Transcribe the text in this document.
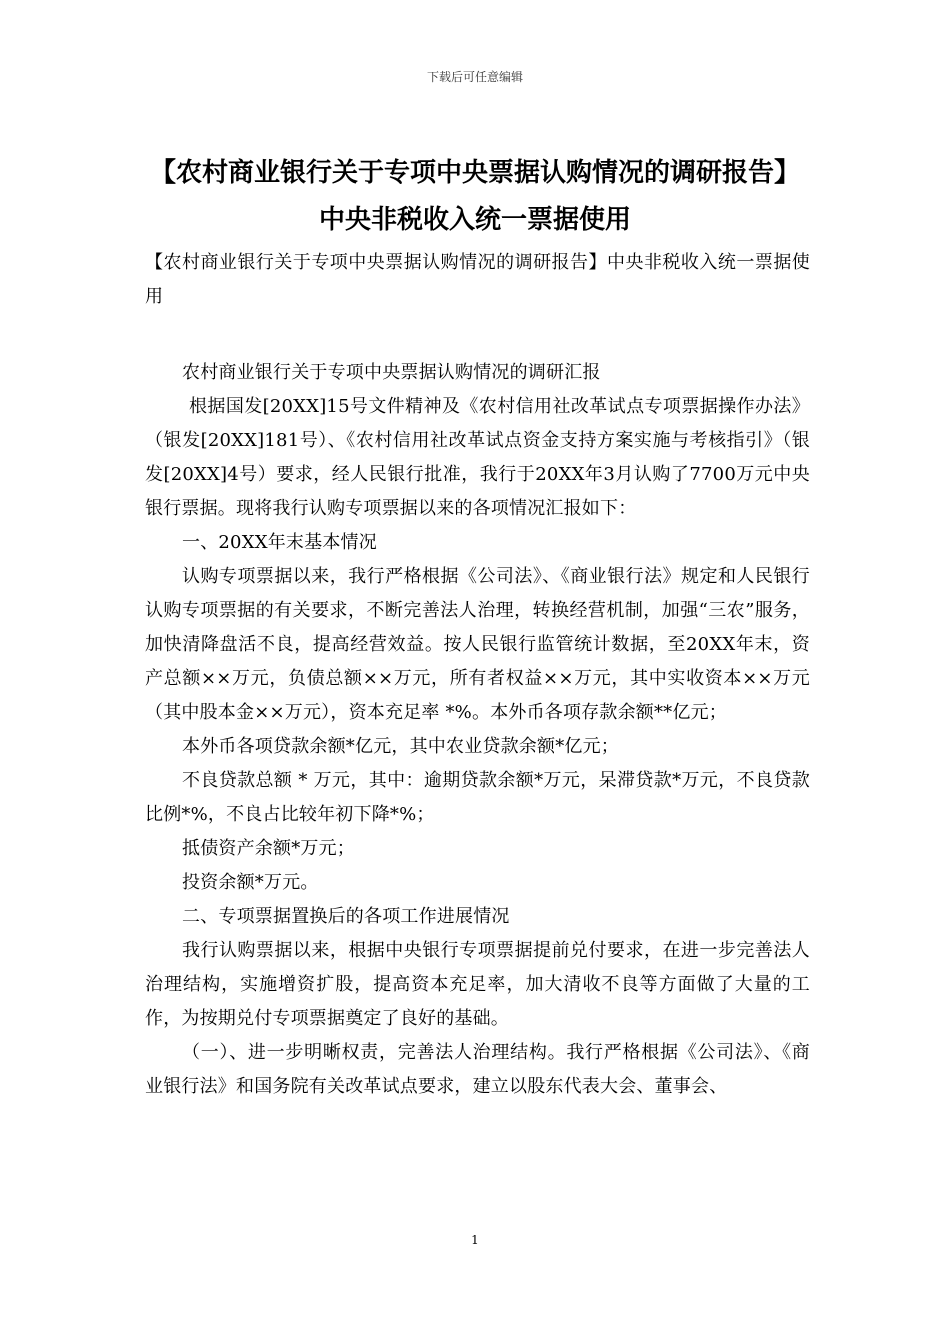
下载后可任意编辑
【农村商业银行关于专项中央票据认购情况的调研报告】
中央非税收入统一票据使用

【农村商业银行关于专项中央票据认购情况的调研报告】中央非税收入统一票据使用

农村商业银行关于专项中央票据认购情况的调研汇报

根据国发[20XX]15号文件精神及《农村信用社改革试点专项票据操作办法》（银发[20XX]181号）、《农村信用社改革试点资金支持方案实施与考核指引》（银发[20XX]4号）要求，经人民银行批准，我行于20XX年3月认购了7700万元中央银行票据。现将我行认购专项票据以来的各项情况汇报如下：

一、20XX年末基本情况

认购专项票据以来，我行严格根据《公司法》、《商业银行法》规定和人民银行认购专项票据的有关要求，不断完善法人治理，转换经营机制，加强“三农”服务，加快清降盘活不良，提高经营效益。按人民银行监管统计数据，至20XX年末，资产总额××万元，负债总额××万元，所有者权益××万元，其中实收资本××万元（其中股本金××万元），资本充足率 *%。本外币各项存款余额**亿元；

本外币各项贷款余额*亿元，其中农业贷款余额*亿元；

不良贷款总额 * 万元，其中：逾期贷款余额*万元，呆滞贷款*万元，不良贷款比例*%，不良占比较年初下降*%；

抵债资产余额*万元；

投资余额*万元。

二、专项票据置换后的各项工作进展情况

我行认购票据以来，根据中央银行专项票据提前兑付要求，在进一步完善法人治理结构，实施增资扩股，提高资本充足率，加大清收不良等方面做了大量的工作，为按期兑付专项票据奠定了良好的基础。

（一）、进一步明晰权责，完善法人治理结构。我行严格根据《公司法》、《商业银行法》和国务院有关改革试点要求，建立以股东代表大会、董事会、

1
